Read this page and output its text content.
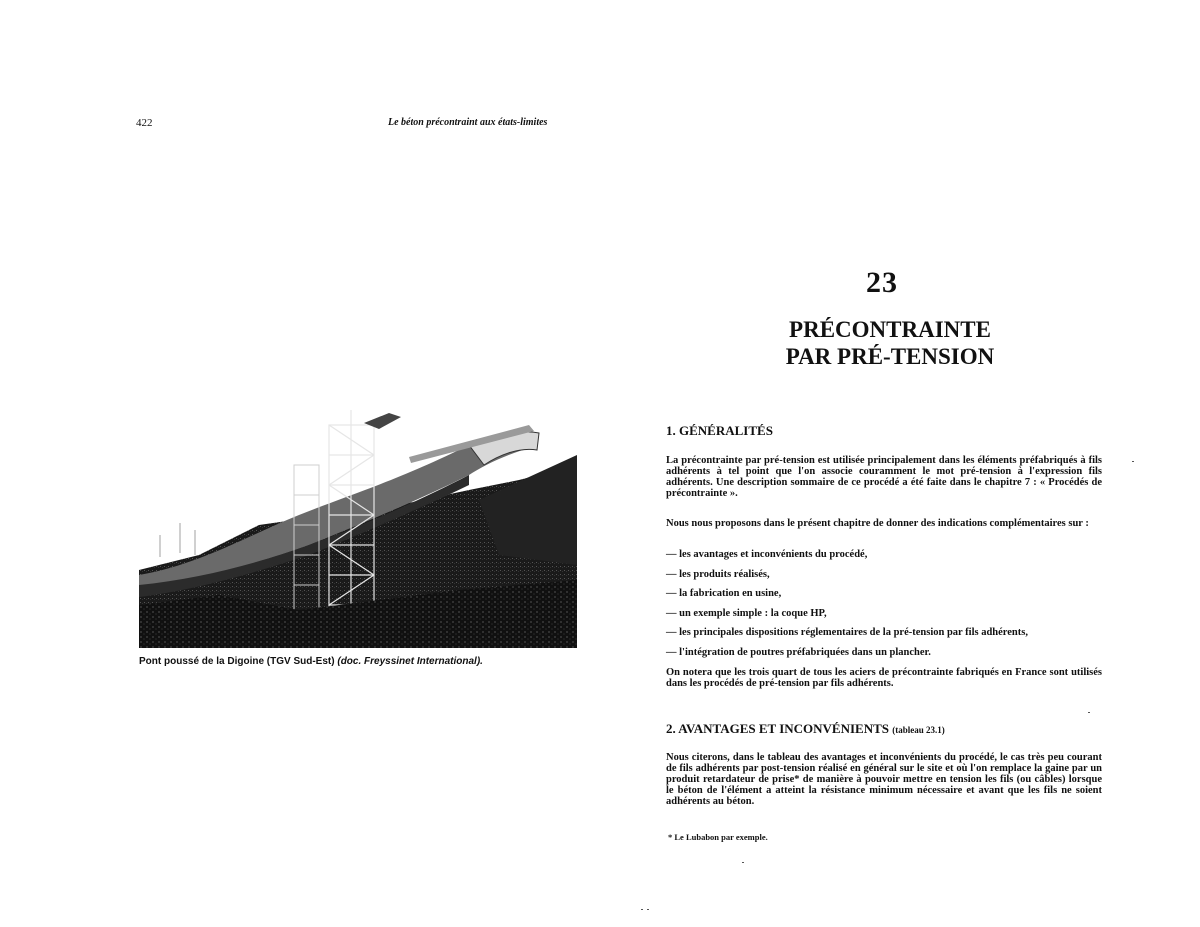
422	Le béton précontraint aux états-limites
Pont poussé de la Digoine (TGV Sud-Est) (doc. Freyssinet International).
23
PRÉCONTRAINTE
PAR PRÉ-TENSION
1. GÉNÉRALITÉS
La précontrainte par pré-tension est utilisée principalement dans les éléments préfabriqués à fils adhérents à tel point que l'on associe couramment le mot pré-tension à l'expression fils adhérents. Une description sommaire de ce procédé a été faite dans le chapitre 7 : « Procédés de précontrainte ».
Nous nous proposons dans le présent chapitre de donner des indications complémentaires sur :
— les avantages et inconvénients du procédé,
— les produits réalisés,
— la fabrication en usine,
— un exemple simple : la coque HP,
— les principales dispositions réglementaires de la pré-tension par fils adhérents,
— l'intégration de poutres préfabriquées dans un plancher.
On notera que les trois quart de tous les aciers de précontrainte fabriqués en France sont utilisés dans les procédés de pré-tension par fils adhérents.
2. AVANTAGES ET INCONVÉNIENTS (tableau 23.1)
Nous citerons, dans le tableau des avantages et inconvénients du procédé, le cas très peu courant de fils adhérents par post-tension réalisé en général sur le site et où l'on remplace la gaine par un produit retardateur de prise* de manière à pouvoir mettre en tension les fils (ou câbles) lorsque le béton de l'élément a atteint la résistance minimum nécessaire et avant que les fils ne soient adhérents au béton.
* Le Lubabon par exemple.
